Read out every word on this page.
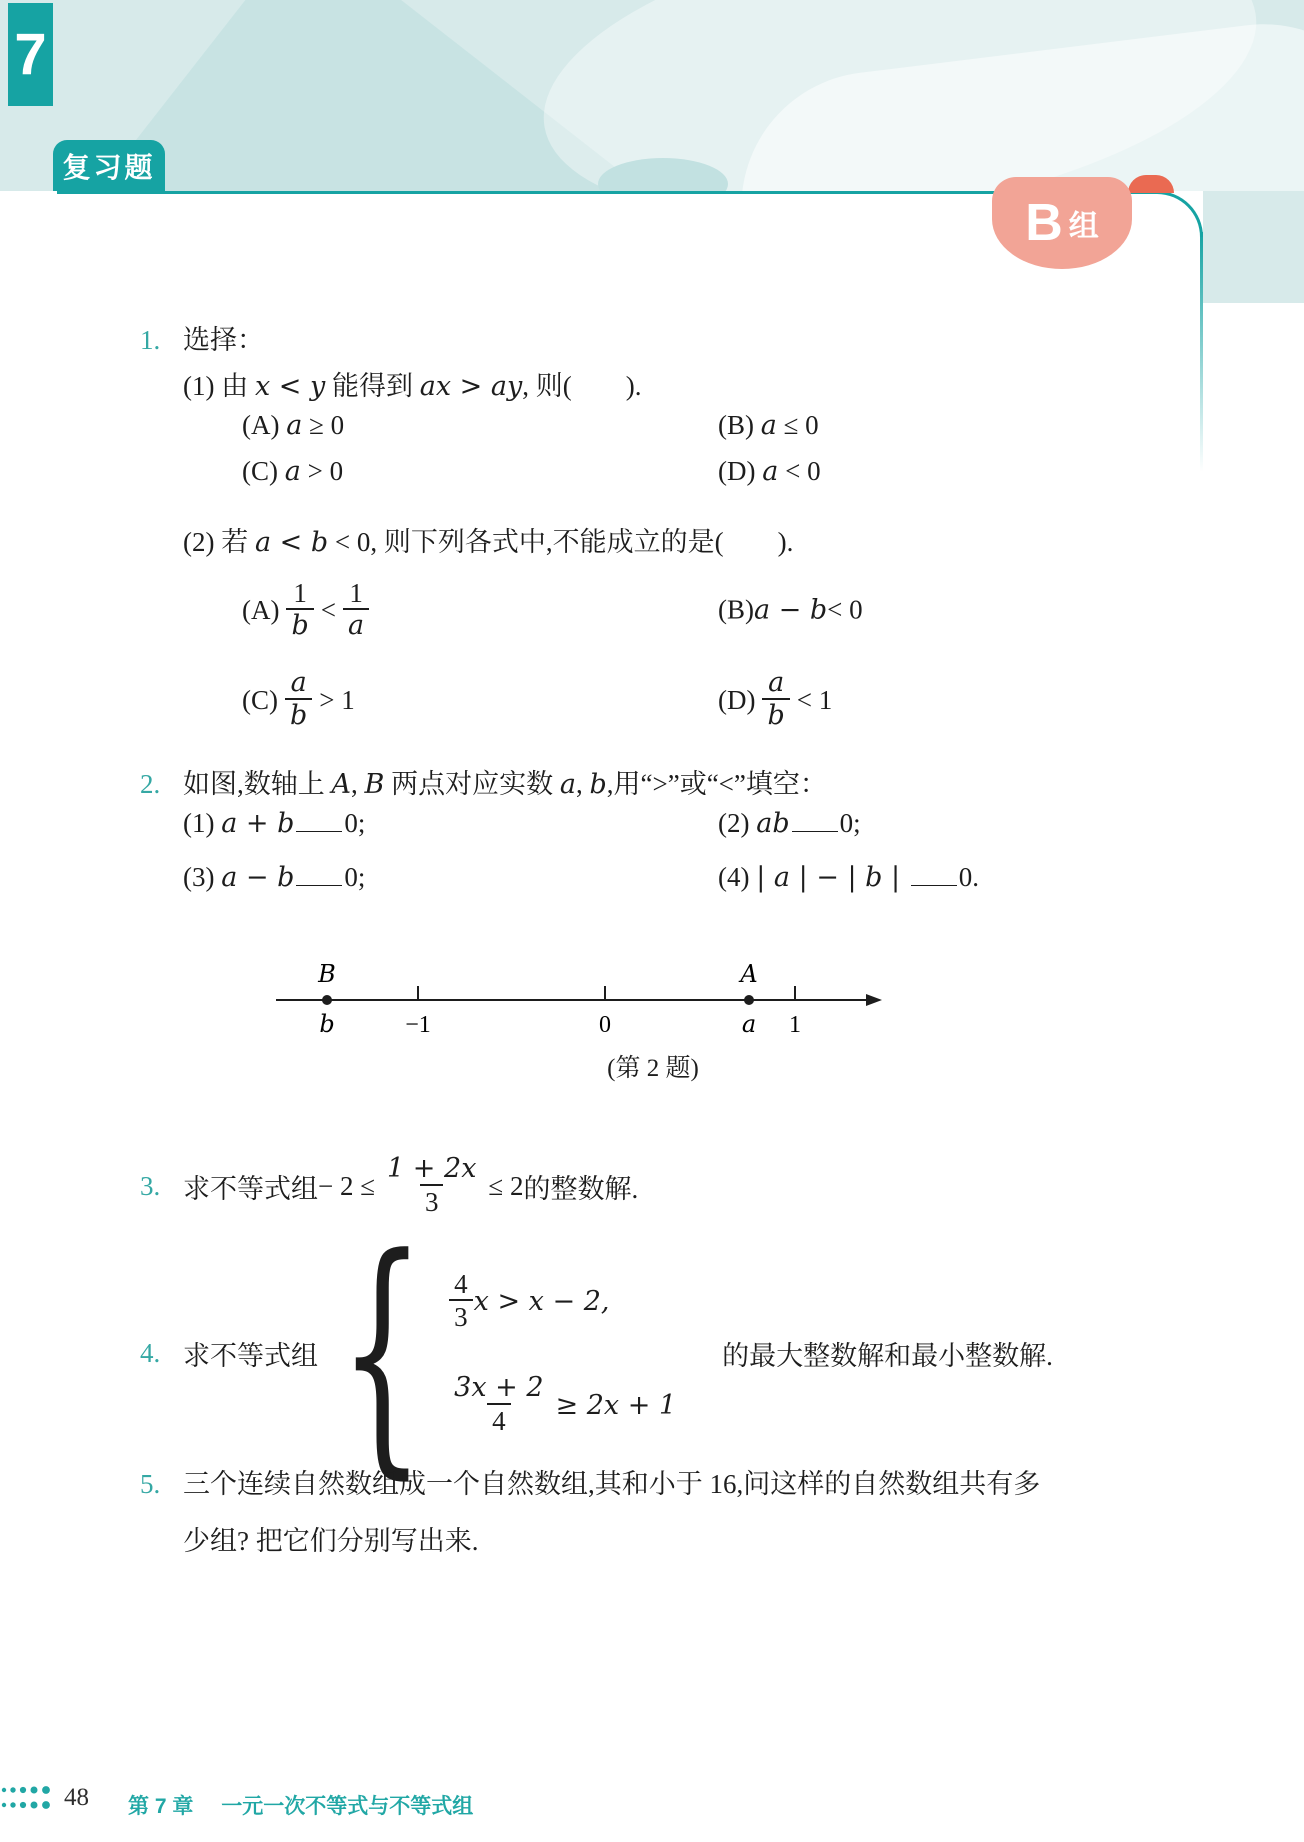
7
复习题
B 组
1. 选择：
(1) 由 x < y 能得到 ax > ay, 则(        ).
(A) a ≥ 0	(B) a ≤ 0
(C) a > 0	(D) a < 0
(2) 若 a < b < 0, 则下列各式中,不能成立的是(        ).
$(A) \frac{1}{b} < \frac{1}{a}$	(B) a − b < 0
$(C) \frac{a}{b} > 1$	$(D) \frac{a}{b} < 1$
2. 如图,数轴上 A, B 两点对应实数 a, b,用“>”或“<”填空：
(1) a + b 0;	(2) ab 0;
(3) a − b 0;	(4) | a | − | b | 0.
B	A
b	−1	0	a 1
(第 2 题)
3. 求不等式组 − $2 \le \frac{1 + 2x}{3} \le 2$ 的整数解.
4. 求不等式组 { $\frac{4}{3}$ x > x − 2,
$\frac{3x + 2}{4} \ge 2x + 1$
的最大整数解和最小整数解.
5. 三个连续自然数组成一个自然数组,其和小于 16,问这样的自然数组共有多
少组? 把它们分别写出来.
48 第 7 章 一元一次不等式与不等式组
